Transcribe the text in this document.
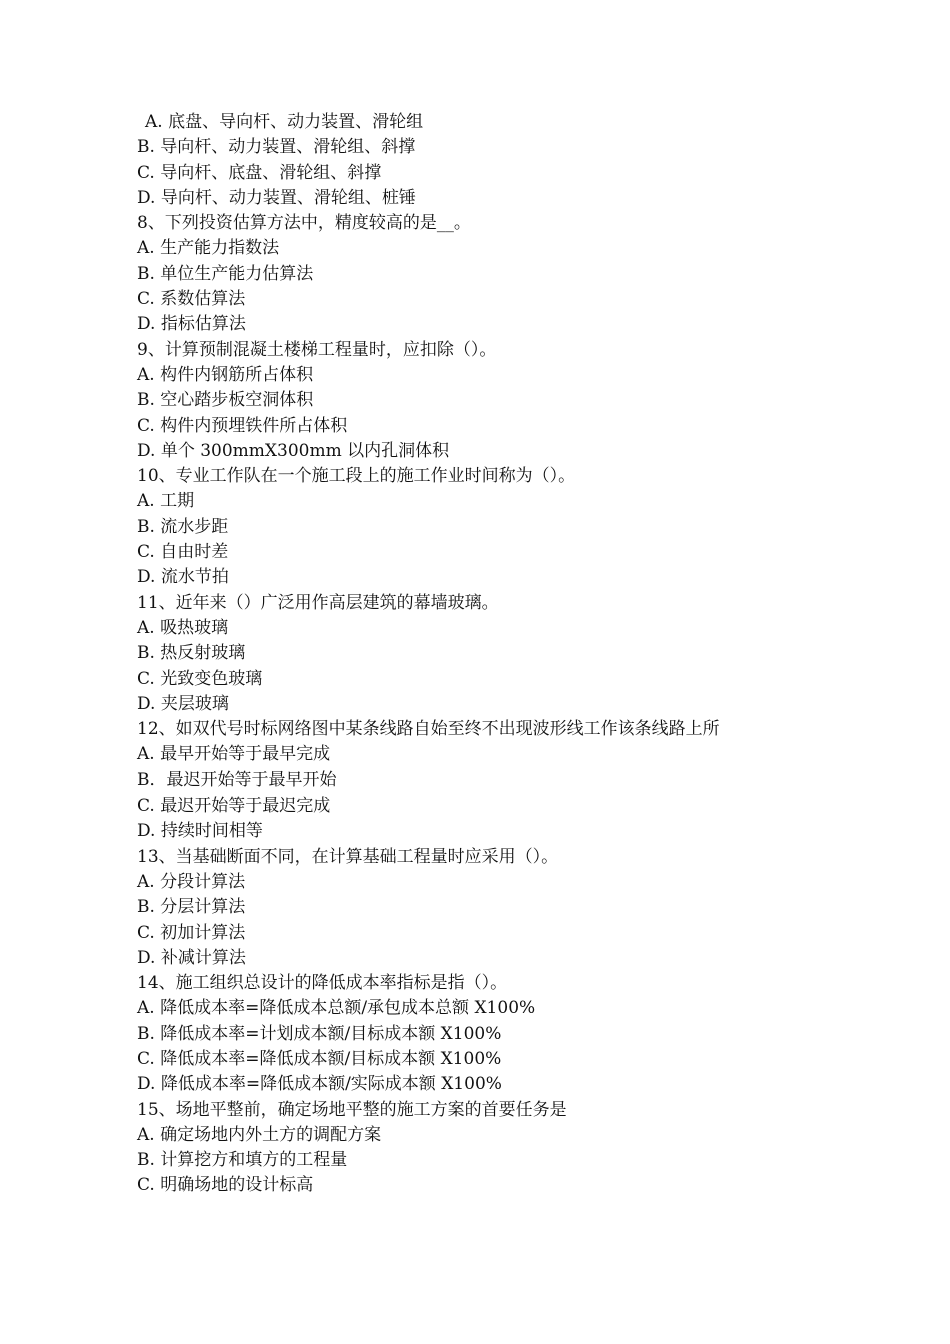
A. 底盘、导向杆、动力装置、滑轮组
B. 导向杆、动力装置、滑轮组、斜撑
C. 导向杆、底盘、滑轮组、斜撑
D. 导向杆、动力装置、滑轮组、桩锤
8、下列投资估算方法中，精度较高的是__。
A. 生产能力指数法
B. 单位生产能力估算法
C. 系数估算法
D. 指标估算法
9、计算预制混凝土楼梯工程量时，应扣除（）。
A. 构件内钢筋所占体积
B. 空心踏步板空洞体积
C. 构件内预埋铁件所占体积
D. 单个 300mmX300mm 以内孔洞体积
10、专业工作队在一个施工段上的施工作业时间称为（）。
A. 工期
B. 流水步距
C. 自由时差
D. 流水节拍
11、近年来（）广泛用作高层建筑的幕墙玻璃。
A. 吸热玻璃
B. 热反射玻璃
C. 光致变色玻璃
D. 夹层玻璃
12、如双代号时标网络图中某条线路自始至终不出现波形线工作该条线路上所
A. 最早开始等于最早完成
B．最迟开始等于最早开始
C. 最迟开始等于最迟完成
D. 持续时间相等
13、当基础断面不同，在计算基础工程量时应采用（）。
A. 分段计算法
B. 分层计算法
C. 初加计算法
D. 补减计算法
14、施工组织总设计的降低成本率指标是指（）。
A. 降低成本率=降低成本总额/承包成本总额 X100%
B. 降低成本率=计划成本额/目标成本额 X100%
C. 降低成本率=降低成本额/目标成本额 X100%
D. 降低成本率=降低成本额/实际成本额 X100%
15、场地平整前，确定场地平整的施工方案的首要任务是
A. 确定场地内外土方的调配方案
B. 计算挖方和填方的工程量
C. 明确场地的设计标高
